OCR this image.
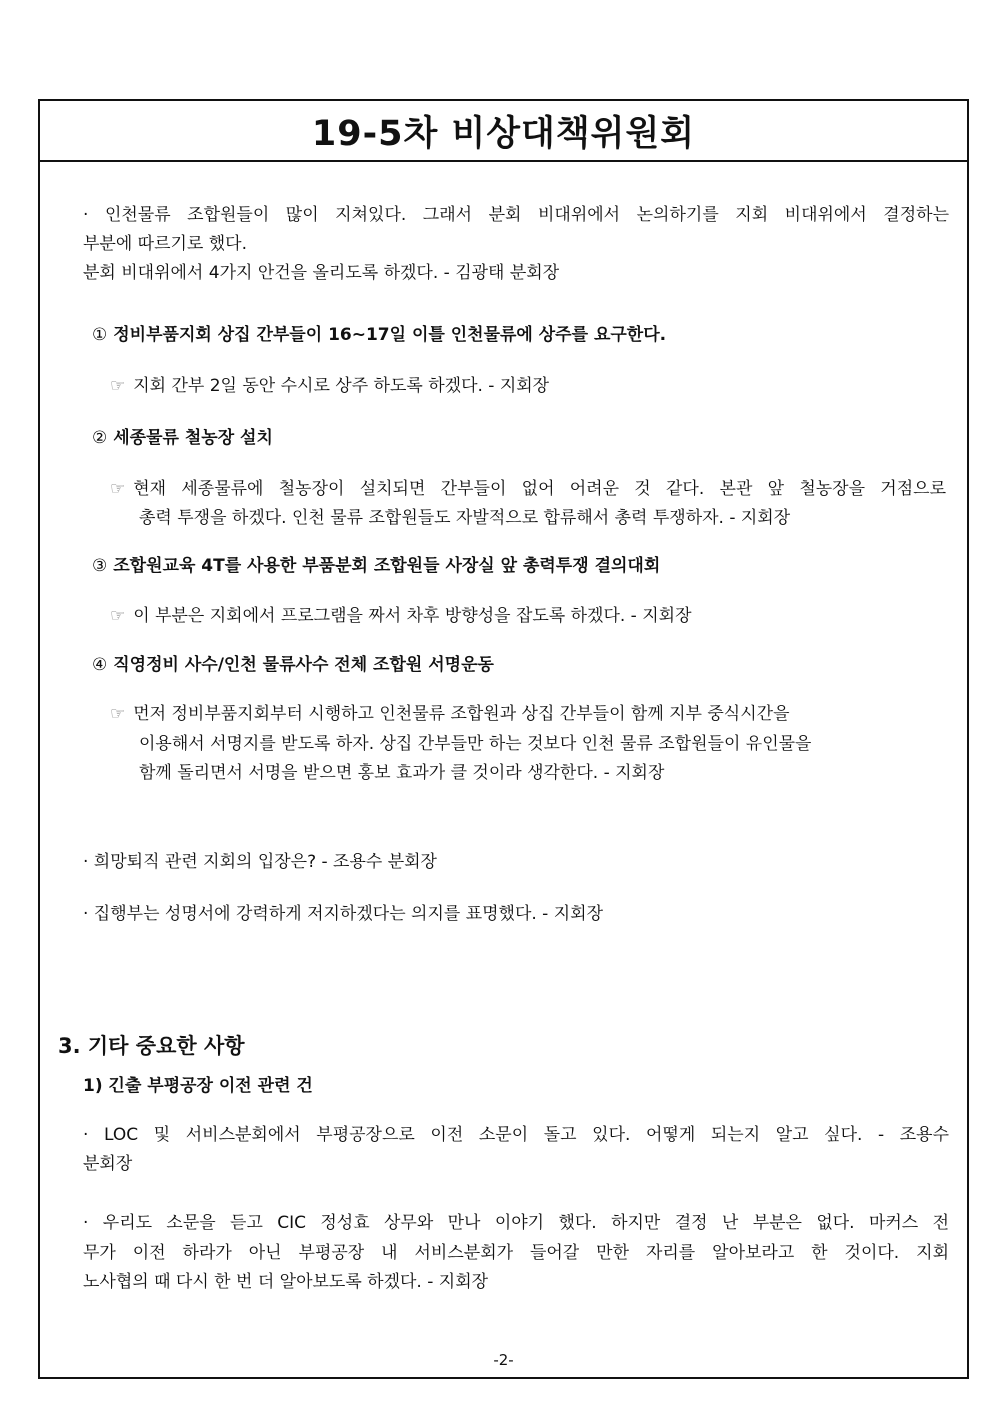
19-5차 비상대책위원회
· 인천물류 조합원들이 많이 지쳐있다. 그래서 분회 비대위에서 논의하기를 지회 비대위에서 결정하는
부분에 따르기로 했다.
분회 비대위에서 4가지 안건을 올리도록 하겠다. - 김광태 분회장
① 정비부품지회 상집 간부들이 16~17일 이틀 인천물류에 상주를 요구한다.
☞ 지회 간부 2일 동안 수시로 상주 하도록 하겠다. - 지회장
② 세종물류 철농장 설치
☞ 현재 세종물류에 철농장이 설치되면 간부들이 없어 어려운 것 같다. 본관 앞 철농장을 거점으로
총력 투쟁을 하겠다. 인천 물류 조합원들도 자발적으로 합류해서 총력 투쟁하자. - 지회장
③ 조합원교육 4T를 사용한 부품분회 조합원들 사장실 앞 총력투쟁 결의대회
☞ 이 부분은 지회에서 프로그램을 짜서 차후 방향성을 잡도록 하겠다. - 지회장
④ 직영정비 사수/인천 물류사수 전체 조합원 서명운동
☞ 먼저 정비부품지회부터 시행하고 인천물류 조합원과 상집 간부들이 함께 지부 중식시간을
이용해서 서명지를 받도록 하자. 상집 간부들만 하는 것보다 인천 물류 조합원들이 유인물을
함께 돌리면서 서명을 받으면 홍보 효과가 클 것이라 생각한다. - 지회장
· 희망퇴직 관련 지회의 입장은? - 조용수 분회장
· 집행부는 성명서에 강력하게 저지하겠다는 의지를 표명했다. - 지회장
3. 기타 중요한 사항
1) 긴출 부평공장 이전 관련 건
· LOC 및 서비스분회에서 부평공장으로 이전 소문이 돌고 있다. 어떻게 되는지 알고 싶다. - 조용수
분회장
· 우리도 소문을 듣고 CIC 정성효 상무와 만나 이야기 했다. 하지만 결정 난 부분은 없다. 마커스 전
무가 이전 하라가 아닌 부평공장 내 서비스분회가 들어갈 만한 자리를 알아보라고 한 것이다. 지회
노사협의 때 다시 한 번 더 알아보도록 하겠다. - 지회장
-2-
